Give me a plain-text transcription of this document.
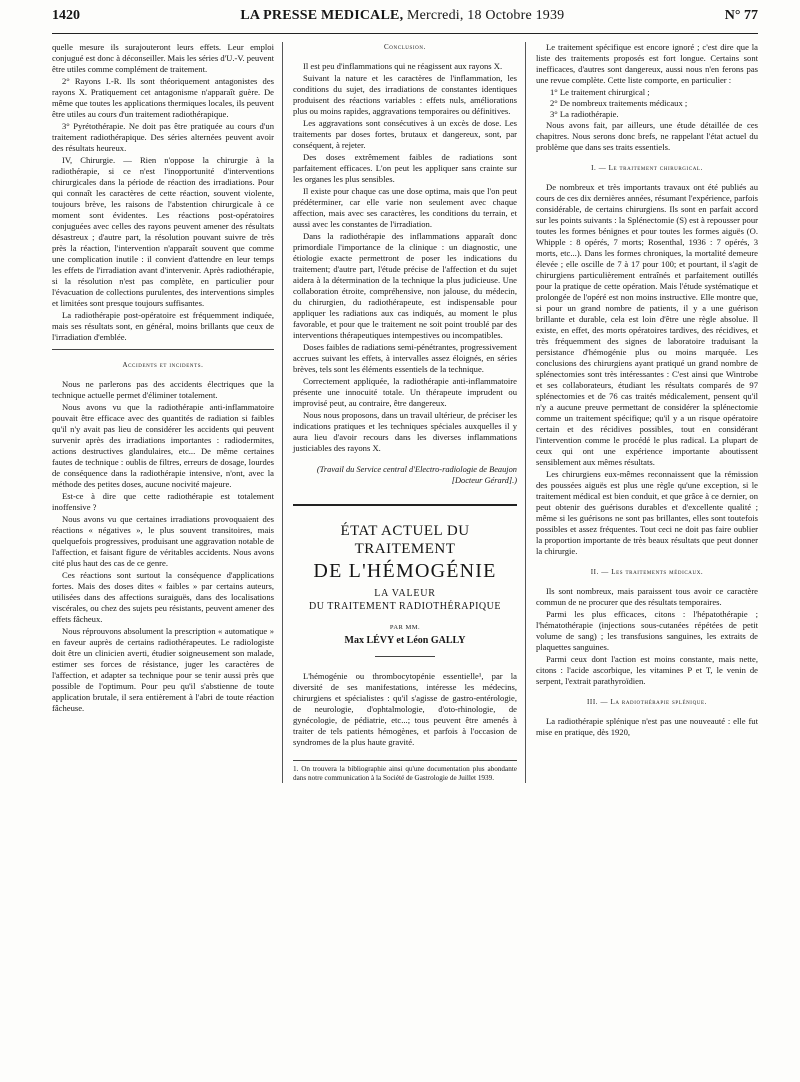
1420	LA PRESSE MEDICALE, Mercredi, 18 Octobre 1939	N° 77

quelle mesure ils surajouteront leurs effets. Leur emploi conjugué est donc à déconseiller. Mais les séries d'U.-V. peuvent être utiles comme complément de traitement.

2° Rayons I.-R. Ils sont théoriquement antagonistes des rayons X. Pratiquement cet antagonisme n'apparaît guère. De même que toutes les applications thermiques locales, ils peuvent être utiles au cours d'un traitement radiothérapique.

3° Pyrétothérapie. Ne doit pas être pratiquée au cours d'un traitement radiothérapique. Des séries alternées peuvent avoir des résultats heureux.

IV, Chirurgie. — Rien n'oppose la chirurgie à la radiothérapie, si ce n'est l'inopportunité d'interventions chirurgicales dans la période de réaction des irradiations. Pour qui connaît les caractères de cette réaction, souvent violente, toujours brève, les raisons de l'abstention chirurgicale à ce moment sont évidentes. Les réactions post-opératoires conjuguées avec celles des rayons peuvent amener des résultats désastreux ; d'autre part, la résolution pouvant suivre de très près la réaction, l'intervention n'apparaît souvent que comme une complication inutile : il convient d'attendre en leur temps les effets de l'irradiation avant d'intervenir. Après radiothérapie, si la résolution n'est pas complète, en particulier pour l'évacuation de collections purulentes, des interventions simples et limitées sont presque toujours suffisantes.

La radiothérapie post-opératoire est fréquemment indiquée, mais ses résultats sont, en général, moins brillants que ceux de l'irradiation d'emblée.

Accidents et incidents.

Nous ne parlerons pas des accidents électriques que la technique actuelle permet d'éliminer totalement.

Nous avons vu que la radiothérapie anti-inflammatoire pouvait être efficace avec des quantités de radiation si faibles qu'il n'y avait pas lieu de considérer les accidents qui peuvent survenir après des irradiations importantes : radiodermites, actions destructives glandulaires, etc... De même certaines fautes de technique : oublis de filtres, erreurs de dosage, lourdes de conséquence dans la radiothérapie intensive, n'ont, avec la méthode des petites doses, aucune nocivité majeure.

Est-ce à dire que cette radiothérapie est totalement inoffensive ?

Nous avons vu que certaines irradiations provoquaient des réactions « négatives », le plus souvent transitoires, mais quelquefois progressives, produisant une aggravation notable de l'affection, et faisant figure de véritables accidents. Nous avons cité plus haut des cas de ce genre.

Ces réactions sont surtout la conséquence d'applications fortes. Mais des doses dites « faibles » par certains auteurs, utilisées dans des affections suraiguës, dans des localisations viscérales, ou chez des sujets peu résistants, peuvent amener des effets fâcheux.

Nous réprouvons absolument la prescription « automatique » en faveur auprès de certains radiothérapeutes. Le radiologiste doit être un clinicien averti, étudier soigneusement son malade, estimer ses forces de résistance, juger les caractères de l'affection, et adapter sa technique pour se tenir aussi près que possible de l'optimum. Pour peu qu'il s'abstienne de toute application brutale, il sera entièrement à l'abri de toute réaction fâcheuse.

Conclusion.

Il est peu d'inflammations qui ne réagissent aux rayons X.

Suivant la nature et les caractères de l'inflammation, les conditions du sujet, des irradiations de constantes identiques produisent des réactions variables : effets nuls, améliorations plus ou moins rapides, aggravations temporaires ou définitives.

Les aggravations sont consécutives à un excès de dose. Les traitements par doses fortes, brutaux et dangereux, sont, par conséquent, à rejeter.

Des doses extrêmement faibles de radiations sont parfaitement efficaces. L'on peut les appliquer sans crainte sur les organes les plus sensibles.

Il existe pour chaque cas une dose optima, mais que l'on peut prédéterminer, car elle varie non seulement avec chaque affection, mais avec ses caractères, les conditions du terrain, et aussi avec les constantes de l'irradiation.

Dans la radiothérapie des inflammations apparaît donc primordiale l'importance de la clinique : un diagnostic, une étiologie exacte permettront de poser les indications du traitement; d'autre part, l'étude précise de l'affection et du sujet aidera à la détermination de la technique la plus judicieuse. Une collaboration étroite, compréhensive, non jalouse, du médecin, du chirurgien, du radiothérapeute, est indispensable pour appliquer les radiations aux cas indiqués, au moment le plus favorable, et pour que le traitement ne soit point troublé par des interventions thérapeutiques intempestives ou incompatibles.

Doses faibles de radiations semi-pénétrantes, progressivement accrues suivant les effets, à intervalles assez éloignés, en séries brèves, tels sont les éléments essentiels de la technique.

Correctement appliquée, la radiothérapie anti-inflammatoire présente une innocuité totale. Un thérapeute imprudent ou improvisé peut, au contraire, être dangereux.

Nous nous proposons, dans un travail ultérieur, de préciser les indications pratiques et les techniques spéciales auxquelles il y aura lieu d'avoir recours dans les diverses inflammations justiciables des rayons X.

(Travail du Service central d'Electro-radiologie de Beaujon [Docteur Gérard].)
ÉTAT ACTUEL DU TRAITEMENT
DE L'HÉMOGÉNIE
LA VALEUR
DU TRAITEMENT RADIOTHÉRAPIQUE
PAR MM.
Max LÉVY et Léon GALLY

L'hémogénie ou thrombocytopénie essentielle¹, par la diversité de ses manifestations, intéresse les médecins, chirurgiens et spécialistes : qu'il s'agisse de gastro-entérologie, de neurologie, d'ophtalmologie, d'oto-rhinologie, de gynécologie, de pédiatrie, etc...; tous peuvent être amenés à traiter de tels patients hémogènes, et parfois à l'occasion de syndromes de la plus haute gravité.

1. On trouvera la bibliographie ainsi qu'une documentation plus abondante dans notre communication à la Société de Gastrologie de Juillet 1939.

Le traitement spécifique est encore ignoré ; c'est dire que la liste des traitements proposés est fort longue. Certains sont inefficaces, d'autres sont dangereux, aussi nous n'en ferons pas une revue complète. Cette liste comporte, en particulier :

1° Le traitement chirurgical ;
2° De nombreux traitements médicaux ;
3° La radiothérapie.

Nous avons fait, par ailleurs, une étude détaillée de ces chapitres. Nous serons donc brefs, ne rappelant l'état actuel du problème que dans ses traits essentiels.

I. — Le traitement chirurgical.

De nombreux et très importants travaux ont été publiés au cours de ces dix dernières années, résumant l'expérience, parfois considérable, de certains chirurgiens. Ils sont en parfait accord sur les points suivants : la Splénectomie (S) est à repousser pour toutes les formes bénignes et pour toutes les formes aiguës (O. Whipple : 8 opérés, 7 morts; Rosenthal, 1936 : 7 opérés, 3 morts, etc...). Dans les formes chroniques, la mortalité demeure élevée ; elle oscille de 7 à 17 pour 100; et pourtant, il s'agit de chirurgiens particulièrement entraînés et parfaitement outillés pour la pratique de cette opération. Mais l'étude systématique et prolongée de l'opéré est non moins instructive. Elle montre que, si pour un grand nombre de patients, il y a une guérison brillante et durable, cela est loin d'être une règle absolue. Il existe, en effet, des morts opératoires tardives, des récidives, et très fréquemment des signes de laboratoire traduisant la persistance d'hémogénie plus ou moins marquée. Les conclusions des chirurgiens ayant pratiqué un grand nombre de splénectomies sont très intéressantes : C'est ainsi que Wintrobe et ses collaborateurs, étudiant les résultats comparés de 97 splénectomies et de 76 cas traités médicalement, pensent qu'il n'y a aucune preuve permettant de considérer la splénectomie comme un traitement spécifique; qu'il y a un risque opératoire certain et des récidives possibles, tout en considérant l'intervention comme le procédé le plus radical. La plupart de ceux qui ont une expérience importante aboutissent sensiblement aux mêmes résultats.

Les chirurgiens eux-mêmes reconnaissent que la rémission des poussées aiguës est plus une règle qu'une exception, si le traitement médical est bien conduit, et que grâce à ce dernier, on peut obtenir des guérisons durables et d'excellente qualité ; même si les guérisons ne sont pas brillantes, elles sont toutefois possibles et assez fréquentes. Tout ceci ne doit pas faire oublier la proportion importante de très beaux résultats que peut donner la chirurgie.

II. — Les traitements médicaux.

Ils sont nombreux, mais paraissent tous avoir ce caractère commun de ne procurer que des résultats temporaires.

Parmi les plus efficaces, citons : l'hépatothérapie ; l'hématothérapie (injections sous-cutanées répétées de petit volume de sang) ; les transfusions sanguines, les extraits de plaquettes sanguines.

Parmi ceux dont l'action est moins constante, mais nette, citons : l'acide ascorbique, les vitamines P et T, le venin de serpent, l'extrait parathyroïdien.

III. — La radiothérapie splénique.

La radiothérapie splénique n'est pas une nouveauté : elle fut mise en pratique, dès 1920,
